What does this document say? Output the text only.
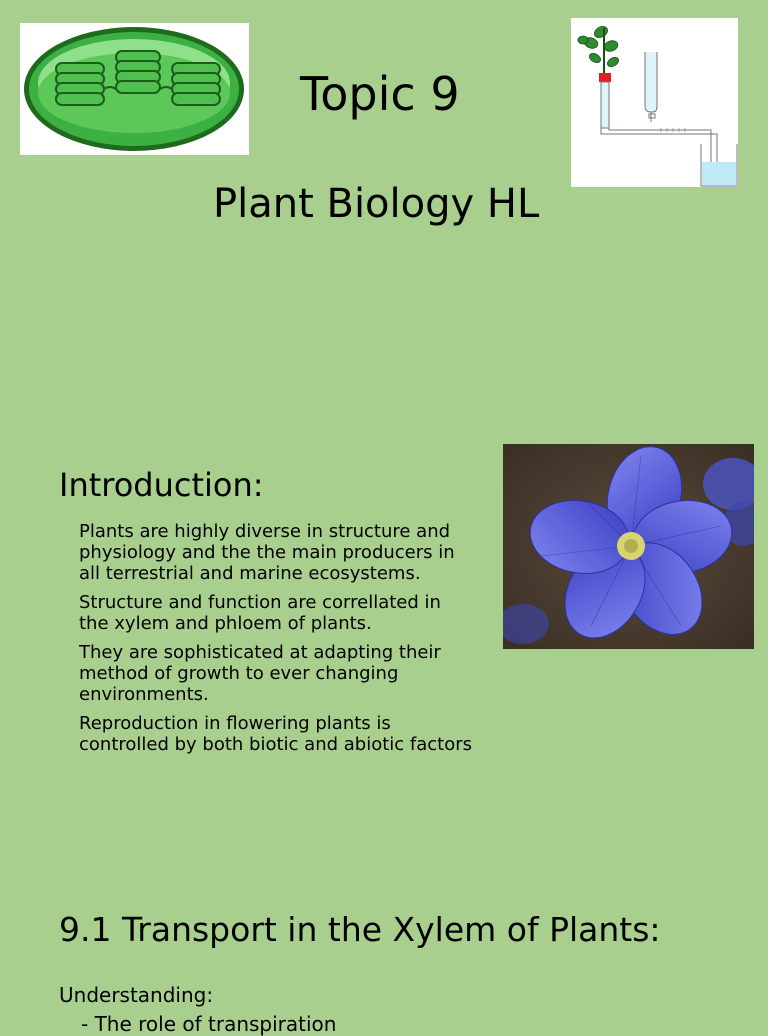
Topic 9
Plant Biology HL
Introduction:
Plants are highly diverse in structure and physiology and the the main producers in all terrestrial and marine ecosystems.
Structure and function are correllated in the xylem and phloem of plants.
They are sophisticated at adapting their method of growth to ever changing environments.
Reproduction in flowering plants is controlled by both biotic and abiotic factors
9.1 Transport in the Xylem of Plants:

Understanding:

- The role of transpiration
